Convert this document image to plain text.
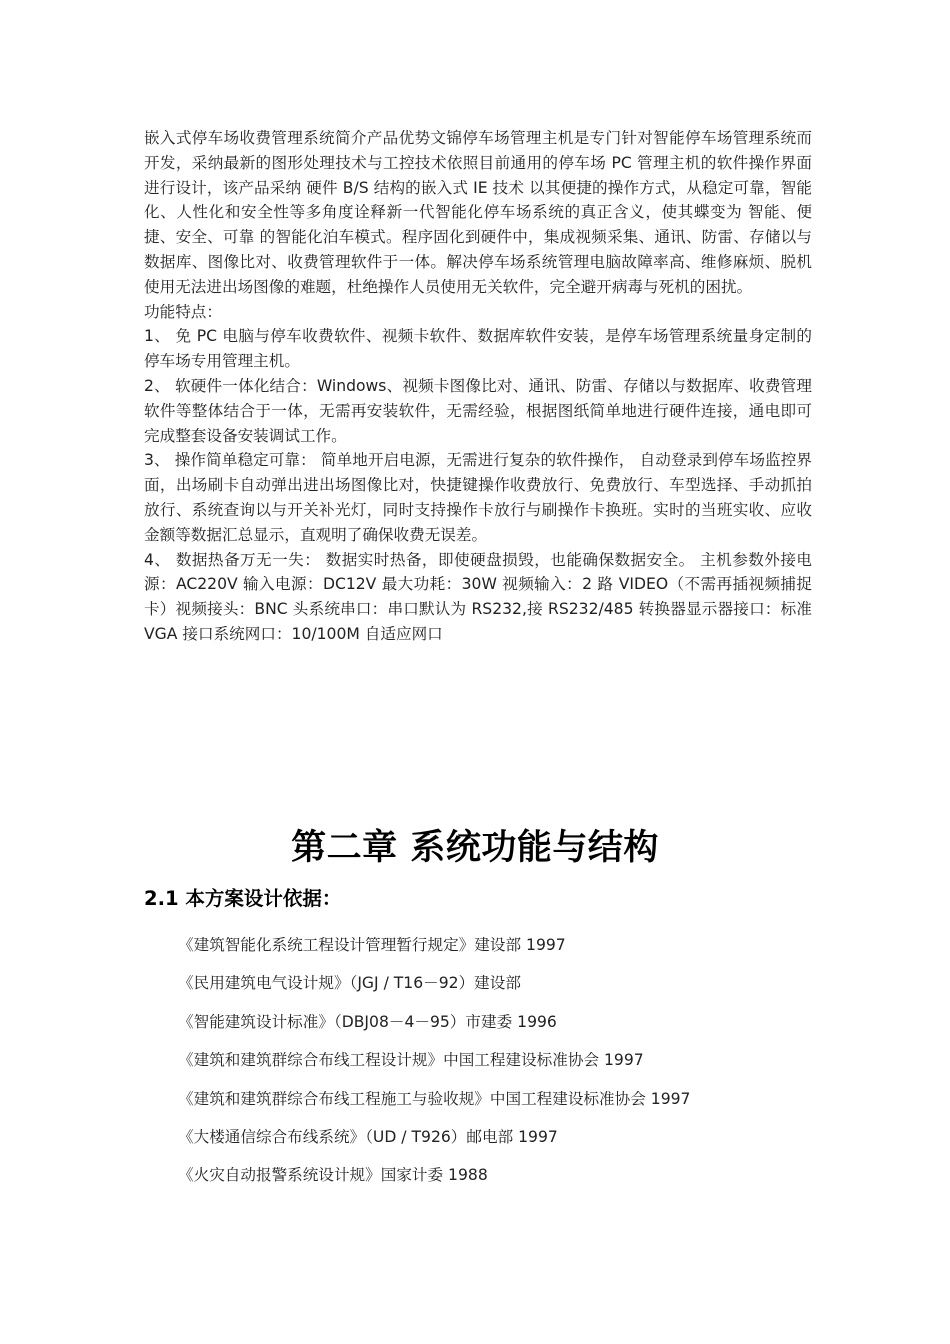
嵌入式停车场收费管理系统简介产品优势文锦停车场管理主机是专门针对智能停车场管理系统而开发，采纳最新的图形处理技术与工控技术依照目前通用的停车场 PC 管理主机的软件操作界面进行设计，该产品采纳 硬件 B/S 结构的嵌入式 IE 技术 以其便捷的操作方式，从稳定可靠，智能化、人性化和安全性等多角度诠释新一代智能化停车场系统的真正含义，使其蝶变为 智能、便捷、安全、可靠 的智能化泊车模式。程序固化到硬件中，集成视频采集、通讯、防雷、存储以与数据库、图像比对、收费管理软件于一体。解决停车场系统管理电脑故障率高、维修麻烦、脱机使用无法进出场图像的难题，杜绝操作人员使用无关软件，完全避开病毒与死机的困扰。

功能特点：

1、 免 PC 电脑与停车收费软件、视频卡软件、数据库软件安装，是停车场管理系统量身定制的停车场专用管理主机。

2、 软硬件一体化结合：Windows、视频卡图像比对、通讯、防雷、存储以与数据库、收费管理软件等整体结合于一体，无需再安装软件，无需经验，根据图纸简单地进行硬件连接，通电即可完成整套设备安装调试工作。

3、 操作简单稳定可靠： 简单地开启电源，无需进行复杂的软件操作， 自动登录到停车场监控界面，出场刷卡自动弹出进出场图像比对，快捷键操作收费放行、免费放行、车型选择、手动抓拍放行、系统查询以与开关补光灯，同时支持操作卡放行与刷操作卡换班。实时的当班实收、应收金额等数据汇总显示，直观明了确保收费无误差。

4、 数据热备万无一失： 数据实时热备，即使硬盘损毁，也能确保数据安全。 主机参数外接电源：AC220V 输入电源：DC12V 最大功耗：30W 视频输入：2 路 VIDEO（不需再插视频捕捉卡）视频接头：BNC 头系统串口：串口默认为 RS232,接 RS232/485 转换器显示器接口：标准 VGA 接口系统网口：10/100M 自适应网口

第二章 系统功能与结构
2.1 本方案设计依据：
《建筑智能化系统工程设计管理暂行规定》建设部 1997
《民用建筑电气设计规》（JGJ / T16－92）建设部
《智能建筑设计标准》（DBJ08－4－95）市建委 1996
《建筑和建筑群综合布线工程设计规》中国工程建设标准协会 1997
《建筑和建筑群综合布线工程施工与验收规》中国工程建设标准协会 1997
《大楼通信综合布线系统》（UD / T926）邮电部 1997
《火灾自动报警系统设计规》国家计委 1988
